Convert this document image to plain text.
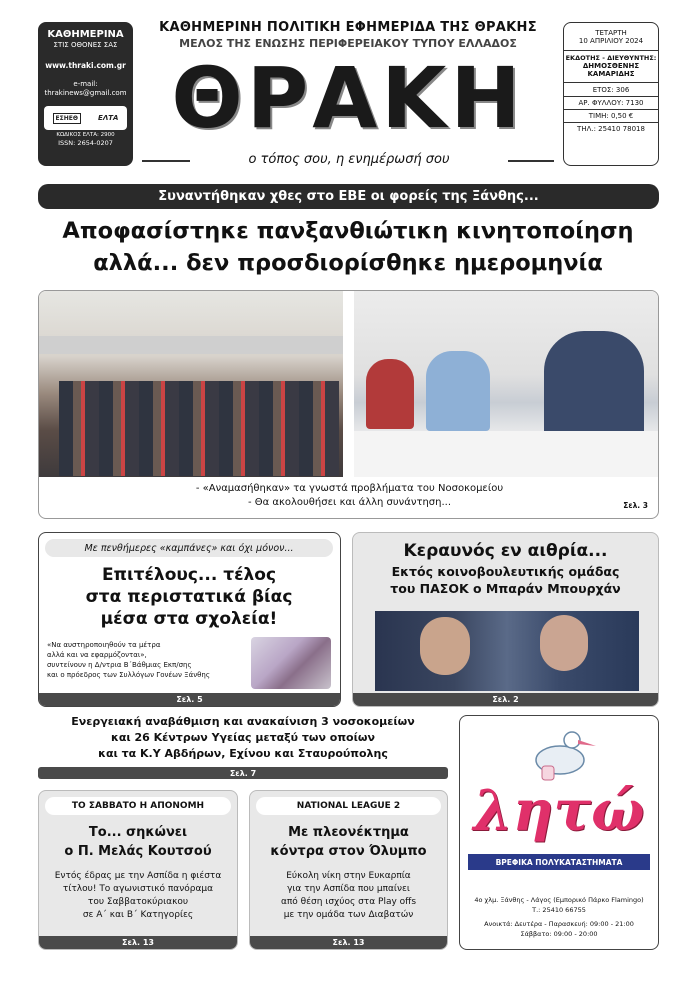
ΚΑΘΗΜΕΡΙΝΑ
ΣΤΙΣ ΟΘΟΝΕΣ ΣΑΣ
www.thraki.com.gr
e-mail:
thrakinews@gmail.com
ΕΣΗΕΘ	ΕΛΤΑ
ΚΩΔΙΚΟΣ ΕΛΤΑ: 2900
ISSN: 2654-0207
ΚΑΘΗΜΕΡΙΝΗ ΠΟΛΙΤΙΚΗ ΕΦΗΜΕΡΙΔΑ ΤΗΣ ΘΡΑΚΗΣ
ΜΕΛΟΣ ΤΗΣ ΕΝΩΣΗΣ ΠΕΡΙΦΕΡΕΙΑΚΟΥ ΤΥΠΟΥ ΕΛΛΑΔΟΣ
ΘΡΑΚΗ
ο τόπος σου, η ενημέρωσή σου
ΤΕΤΑΡΤΗ
10 ΑΠΡΙΛΙΟΥ 2024
ΕΚΔΟΤΗΣ - ΔΙΕΥΘΥΝΤΗΣ:
ΔΗΜΟΣΘΕΝΗΣ
ΚΑΜΑΡΙΔΗΣ
ΕΤΟΣ: 306
ΑΡ. ΦΥΛΛΟΥ: 7130
ΤΙΜΗ: 0,50 €
ΤΗΛ.: 25410 78018
Συναντήθηκαν χθες στο ΕΒΕ οι φορείς της Ξάνθης...
Αποφασίστηκε πανξανθιώτικη κινητοποίηση
αλλά... δεν προσδιορίσθηκε ημερομηνία
- «Αναμασήθηκαν» τα γνωστά προβλήματα του Νοσοκομείου
- Θα ακολουθήσει και άλλη συνάντηση...	Σελ. 3
Με πενθήμερες «καμπάνες» και όχι μόνον...
Επιτέλους... τέλος
στα περιστατικά βίας
μέσα στα σχολεία!
«Να αυστηροποιηθούν τα μέτρα
αλλά και να εφαρμόζονται»,
συντείνουν η Δ/ντρια Β΄Βάθμιας Εκπ/σης
και ο πρόεδρος των Συλλόγων Γονέων Ξάνθης
Σελ. 5
Κεραυνός εν αιθρία...
Εκτός κοινοβουλευτικής ομάδας
του ΠΑΣΟΚ ο Μπαράν Μπουρχάν
Σελ. 2
Ενεργειακή αναβάθμιση και ανακαίνιση 3 νοσοκομείων
και 26 Κέντρων Υγείας μεταξύ των οποίων
και τα Κ.Υ Αβδήρων, Εχίνου και Σταυρούπολης
Σελ. 7
ΤΟ ΣΑΒΒΑΤΟ Η ΑΠΟΝΟΜΗ
Το... σηκώνει
ο Π. Μελάς Κουτσού
Εντός έδρας με την Ασπίδα η φιέστα
τίτλου! Το αγωνιστικό πανόραμα
του Σαββατοκύριακου
σε Α΄ και Β΄ Κατηγορίες
Σελ. 13
NATIONAL LEAGUE 2
Με πλεονέκτημα
κόντρα στον Όλυμπο
Εύκολη νίκη στην Ευκαρπία
για την Ασπίδα που μπαίνει
από θέση ισχύος στα Play offs
με την ομάδα των Διαβατών
Σελ. 13
λητώ
ΒΡΕΦΙΚΑ ΠΟΛΥΚΑΤΑΣΤΗΜΑΤΑ
4ο χλμ. Ξάνθης - Λάγος (Εμπορικό Πάρκο Flamingo)
Τ.: 25410 66755
Ανοικτά: Δευτέρα - Παρασκευή: 09:00 - 21:00
Σάββατο: 09:00 - 20:00
